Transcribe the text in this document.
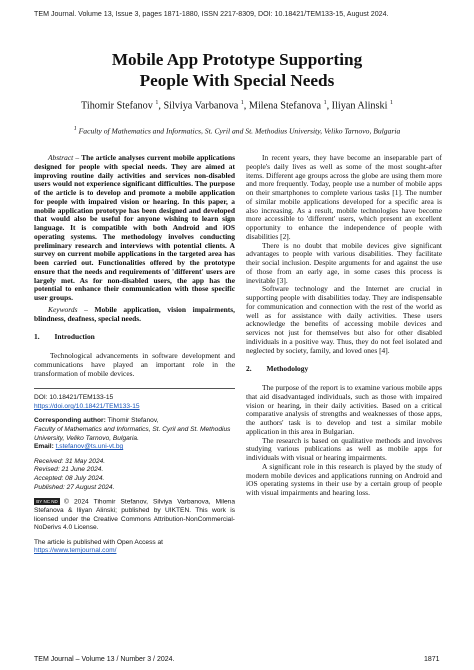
TEM Journal. Volume 13, Issue 3, pages 1871-1880, ISSN 2217-8309, DOI: 10.18421/TEM133-15, August 2024.
Mobile App Prototype Supporting
People With Special Needs
Tihomir Stefanov $^1$, Silviya Varbanova $^1$, Milena Stefanova $^1$, Iliyan Alinski $^1$
$^1$ Faculty of Mathematics and Informatics, St. Cyril and St. Methodius University, Veliko Tarnovo, Bulgaria

Abstract – The article analyses current mobile applications designed for people with special needs. They are aimed at improving routine daily activities and services non-disabled users would not experience significant difficulties. The purpose of the article is to develop and promote a mobile application for people with impaired vision or hearing. In this paper, a mobile application prototype has been designed and developed that would also be useful for anyone wishing to learn sign language. It is compatible with both Android and iOS operating systems. The methodology involves conducting preliminary research and interviews with potential clients. A survey on current mobile applications in the targeted area has been carried out. Functionalities offered by the prototype ensure that the needs and requirements of 'different' users are largely met. As for non-disabled users, the app has the potential to enhance their communication with those specific user groups.

Keywords – Mobile application, vision impairments, blindness, deafness, special needs.

1.  Introduction

Technological advancements in software development and communications have played an important role in the transformation of mobile devices.

DOI: 10.18421/TEM133-15
https://doi.org/10.18421/TEM133-15
Corresponding author: Tihomir Stefanov,
Faculty of Mathematics and Informatics, St. Cyril and St. Methodius University, Veliko Tarnovo, Bulgaria.
Email: t.stefanov@ts.uni-vt.bg
Received: 31 May 2024.
Revised: 21 June 2024.
Accepted: 08 July 2024.
Published: 27 August 2024.
BY NC ND © 2024 Tihomir Stefanov, Silviya Varbanova, Milena Stefanova & Iliyan Alinski; published by UIKTEN. This work is licensed under the Creative Commons Attribution-NonCommercial-NoDerivs 4.0 License.
The article is published with Open Access at
https://www.temjournal.com/

In recent years, they have become an inseparable part of people's daily lives as well as some of the most sought-after items. Different age groups across the globe are using them more and more frequently. Today, people use a number of mobile apps on their smartphones to complete various tasks [1]. The number of similar mobile applications developed for a specific area is also increasing. As a result, mobile technologies have become more accessible to 'different' users, which present an excellent opportunity to enhance the independence of people with disabilities [2].

There is no doubt that mobile devices give significant advantages to people with various disabilities. They facilitate their social inclusion. Despite arguments for and against the use of those from an early age, in some cases this process is inevitable [3].

Software technology and the Internet are crucial in supporting people with disabilities today. They are indispensable for communication and connection with the rest of the world as well as for assistance with daily activities. These users acknowledge the benefits of accessing mobile devices and services not just for themselves but also for other disabled individuals in a positive way. Thus, they do not feel isolated and neglected by society, family, and loved ones [4].

2.  Methodology

The purpose of the report is to examine various mobile apps that aid disadvantaged individuals, such as those with impaired vision or hearing, in their daily activities. Based on a critical comparative analysis of strengths and weaknesses of those apps, the authors' task is to develop and test a similar mobile application in this area in Bulgarian.

The research is based on qualitative methods and involves studying various publications as well as mobile apps for individuals with visual or hearing impairments.

A significant role in this research is played by the study of modern mobile devices and applications running on Android and iOS operating systems in their use by a certain group of people with visual impairments and hearing loss.

TEM Journal – Volume 13 / Number 3 / 2024.	1871
